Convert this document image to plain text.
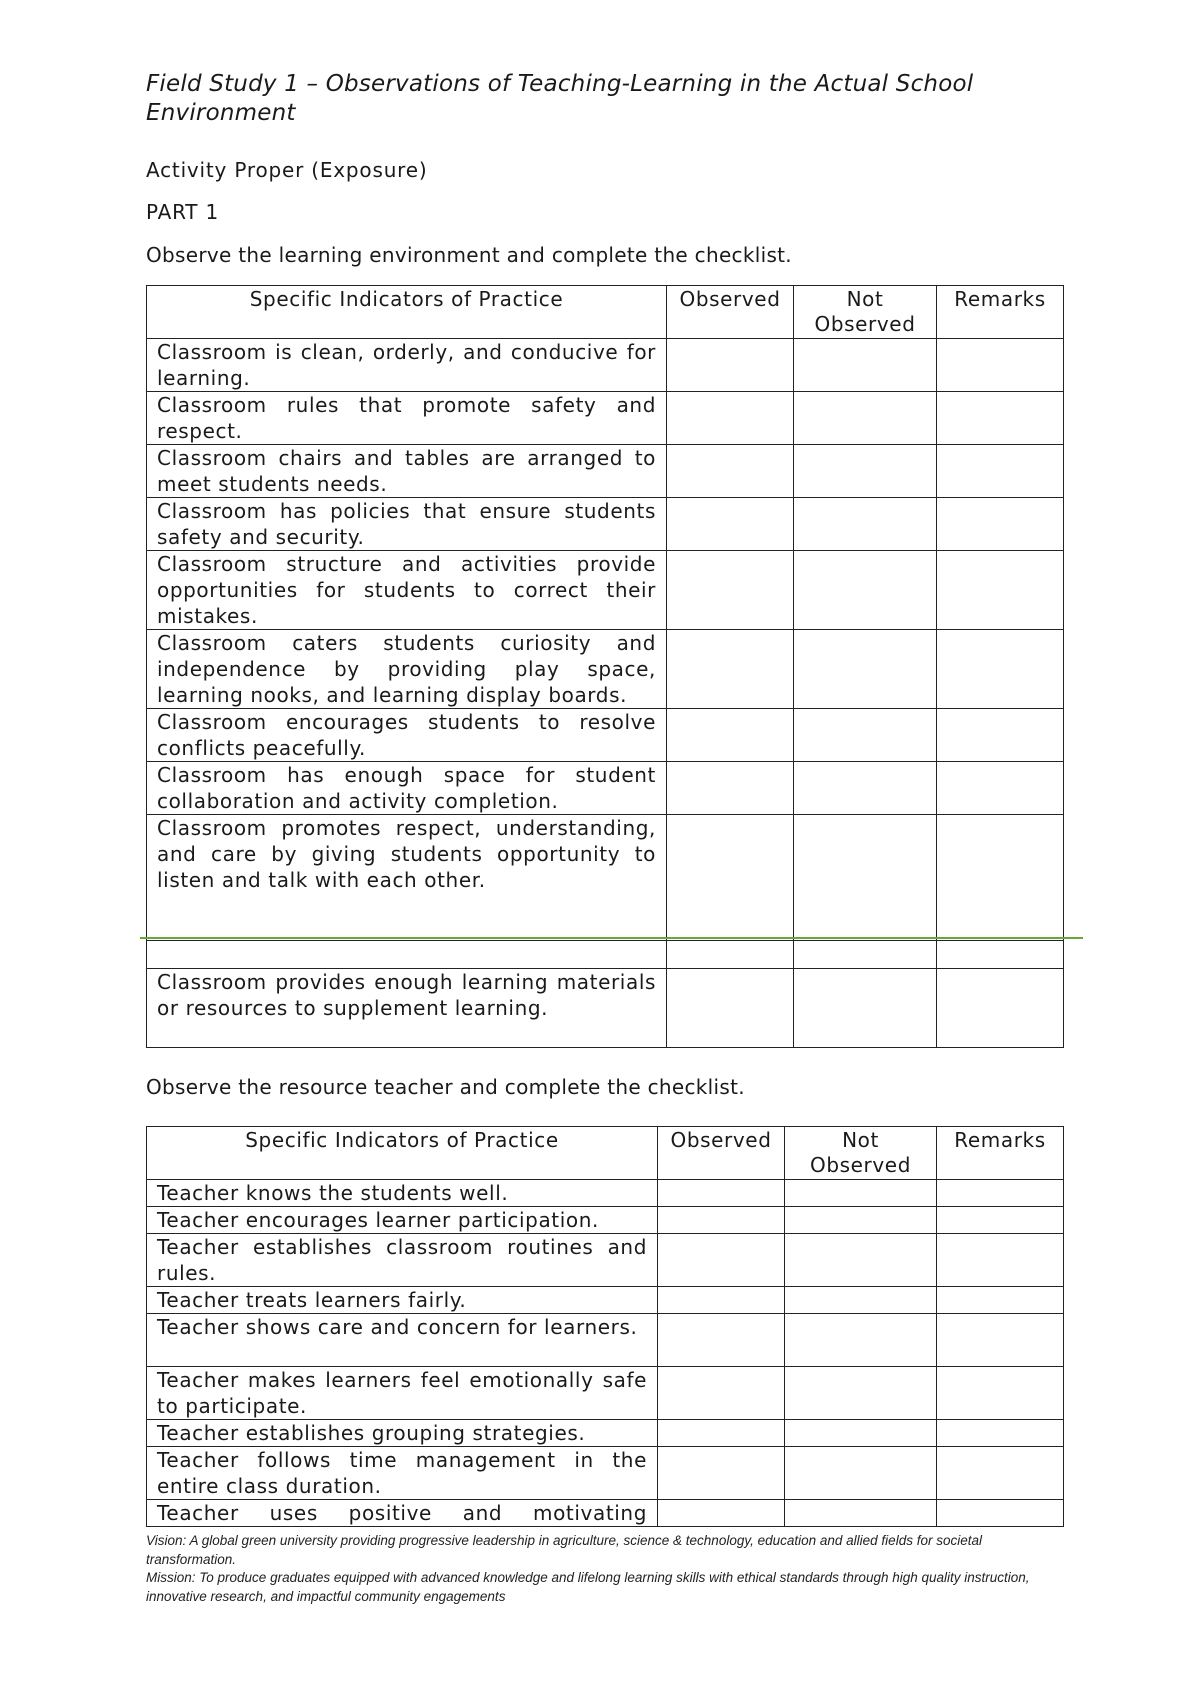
Field Study 1 – Observations of Teaching-Learning in the Actual School Environment
Activity Proper (Exposure)
PART 1

Observe the learning environment and complete the checklist.

Specific Indicators of Practice	Observed	Not Observed	Remarks
Classroom is clean, orderly, and conducive for learning.			
Classroom rules that promote safety and respect.			
Classroom chairs and tables are arranged to meet students needs.			
Classroom has policies that ensure students safety and security.			
Classroom structure and activities provide opportunities for students to correct their mistakes.			
Classroom caters students curiosity and independence by providing play space, learning nooks, and learning display boards.			
Classroom encourages students to resolve conflicts peacefully.			
Classroom has enough space for student collaboration and activity completion.			
Classroom promotes respect, understanding, and care by giving students opportunity to listen and talk with each other.			

Classroom provides enough learning materials or resources to supplement learning.			

Observe the resource teacher and complete the checklist.

Specific Indicators of Practice	Observed	Not Observed	Remarks
Teacher knows the students well.			
Teacher encourages learner participation.			
Teacher establishes classroom routines and rules.			
Teacher treats learners fairly.			
Teacher shows care and concern for learners.			
Teacher makes learners feel emotionally safe to participate.			
Teacher establishes grouping strategies.			
Teacher follows time management in the entire class duration.			
Teacher uses positive and motivating			

Vision: A global green university providing progressive leadership in agriculture, science & technology, education and allied fields for societal transformation.

Mission: To produce graduates equipped with advanced knowledge and lifelong learning skills with ethical standards through high quality instruction, innovative research, and impactful community engagements
